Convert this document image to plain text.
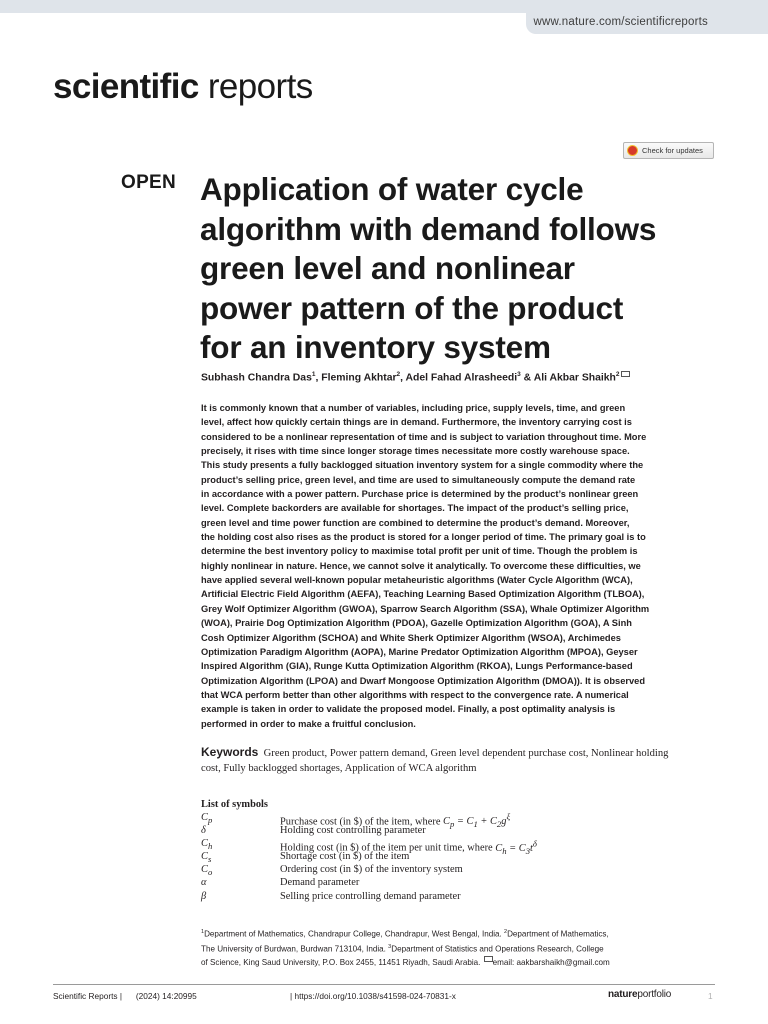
www.nature.com/scientificreports
scientific reports
Check for updates
OPEN Application of water cycle
algorithm with demand follows
green level and nonlinear
power pattern of the product
for an inventory system
Subhash Chandra Das$^1$, Fleming Akhtar$^2$, Adel Fahad Alrasheedi$^3$ & Ali Akbar Shaikh$^2$
It is commonly known that a number of variables, including price, supply levels, time, and green
level, affect how quickly certain things are in demand. Furthermore, the inventory carrying cost is
considered to be a nonlinear representation of time and is subject to variation throughout time. More
precisely, it rises with time since longer storage times necessitate more costly warehouse space.
This study presents a fully backlogged situation inventory system for a single commodity where the
product’s selling price, green level, and time are used to simultaneously compute the demand rate
in accordance with a power pattern. Purchase price is determined by the product’s nonlinear green
level. Complete backorders are available for shortages. The impact of the product’s selling price,
green level and time power function are combined to determine the product’s demand. Moreover,
the holding cost also rises as the product is stored for a longer period of time. The primary goal is to
determine the best inventory policy to maximise total profit per unit of time. Though the problem is
highly nonlinear in nature. Hence, we cannot solve it analytically. To overcome these difficulties, we
have applied several well-known popular metaheuristic algorithms (Water Cycle Algorithm (WCA),
Artificial Electric Field Algorithm (AEFA), Teaching Learning Based Optimization Algorithm (TLBOA),
Grey Wolf Optimizer Algorithm (GWOA), Sparrow Search Algorithm (SSA), Whale Optimizer Algorithm
(WOA), Prairie Dog Optimization Algorithm (PDOA), Gazelle Optimization Algorithm (GOA), A Sinh
Cosh Optimizer Algorithm (SCHOA) and White Sherk Optimizer Algorithm (WSOA), Archimedes
Optimization Paradigm Algorithm (AOPA), Marine Predator Optimization Algorithm (MPOA), Geyser
Inspired Algorithm (GIA), Runge Kutta Optimization Algorithm (RKOA), Lungs Performance-based
Optimization Algorithm (LPOA) and Dwarf Mongoose Optimization Algorithm (DMOA)). It is observed
that WCA perform better than other algorithms with respect to the convergence rate. A numerical
example is taken in order to validate the proposed model. Finally, a post optimality analysis is
performed in order to make a fruitful conclusion.
Keywords Green product, Power pattern demand, Green level dependent purchase cost, Nonlinear holding
cost, Fully backlogged shortages, Application of WCA algorithm
List of symbols
$C_p$	Purchase cost (in $) of the item, where $C_p = C_1 + C_2g^\xi$
δ	Holding cost controlling parameter
$C_h$	Holding cost (in $) of the item per unit time, where $C_h = C_3t^\delta$
$C_s$	Shortage cost (in $) of the item
$C_o$	Ordering cost (in $) of the inventory system
α	Demand parameter
β	Selling price controlling demand parameter
$^1$Department of Mathematics, Chandrapur College, Chandrapur, West Bengal, India. $^2$Department of Mathematics,
The University of Burdwan, Burdwan 713104, India. $^3$Department of Statistics and Operations Research, College
of Science, King Saud University, P.O. Box 2455, 11451 Riyadh, Saudi Arabia. email: aakbarshaikh@gmail.com
Scientific Reports | (2024) 14:20995	| https://doi.org/10.1038/s41598-024-70831-x	natureportfolio	1
